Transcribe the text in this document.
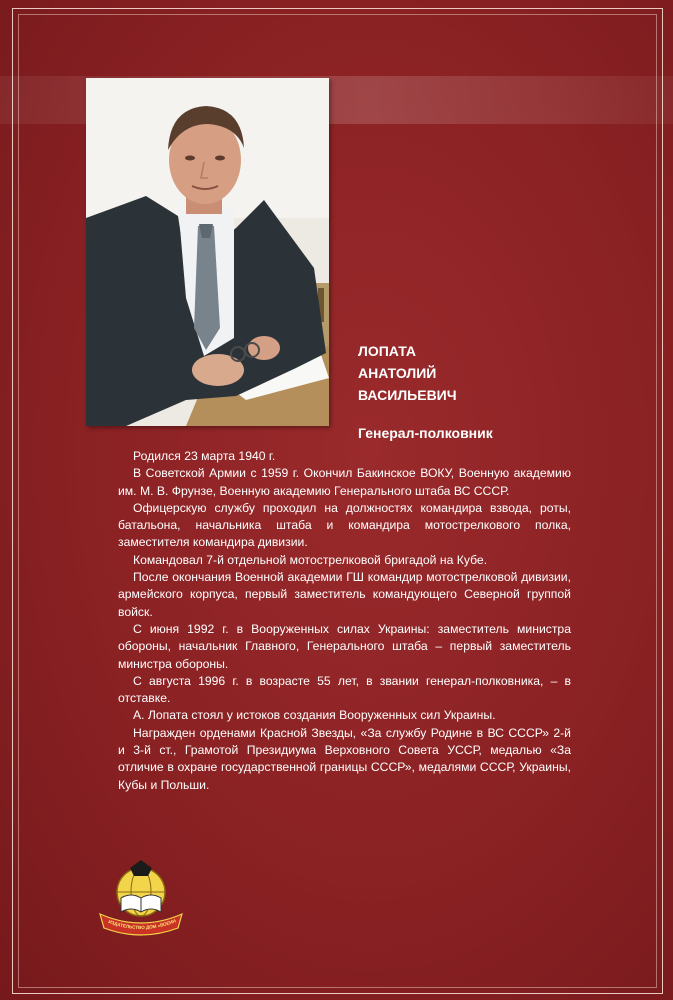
ЛОПАТА
АНАТОЛИЙ
ВАСИЛЬЕВИЧ
Генерал-полковник

Родился 23 марта 1940 г.

В Советской Армии с 1959 г. Окончил Бакинское ВОКУ, Военную академию им. М. В. Фрунзе, Военную академию Генерального штаба ВС СССР.

Офицерскую службу проходил на должностях командира взвода, роты, батальона, начальника штаба и командира мотострелкового полка, заместителя командира дивизии.

Командовал 7-й отдельной мотострелковой бригадой на Кубе.

После окончания Военной академии ГШ командир мотострелковой дивизии, армейского корпуса, первый заместитель командующего Северной группой войск.

С июня 1992 г. в Вооруженных силах Украины: заместитель министра обороны, начальник Главного, Генерального штаба – первый заместитель министра обороны.

С августа 1996 г. в возрасте 55 лет, в звании генерал-полковника, – в отставке.

А. Лопата стоял у истоков создания Вооруженных сил Украины.

Награжден орденами Красной Звезды, «За службу Родине в ВС СССР» 2-й и 3-й ст., Грамотой Президиума Верховного Совета УССР, медалью «За отличие в охране государственной границы СССР», медалями СССР, Украины, Кубы и Польши.

ИЗДАТЕЛЬСТВО ДОМ «ВОЕНН
